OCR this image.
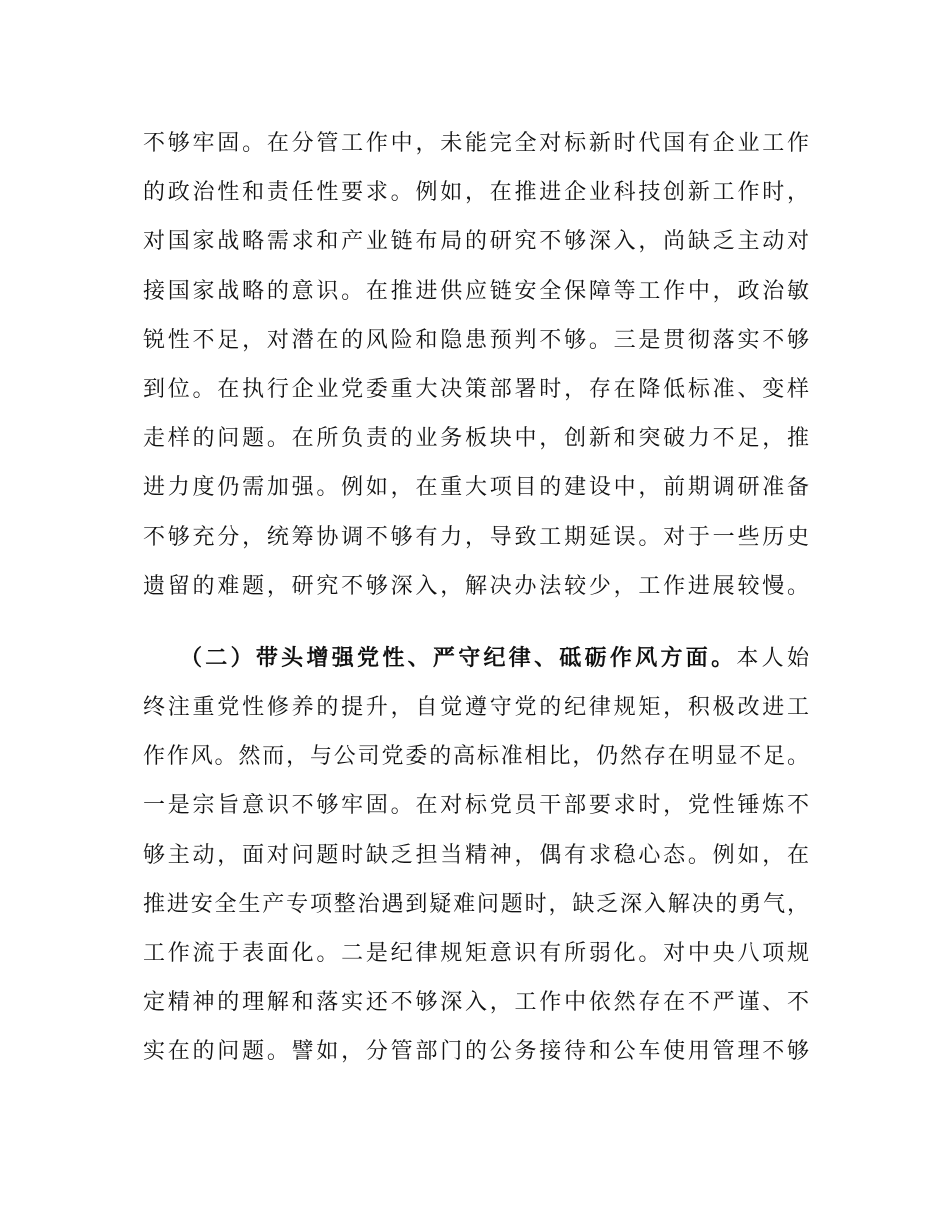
不够牢固。在分管工作中，未能完全对标新时代国有企业工作
的政治性和责任性要求。例如，在推进企业科技创新工作时，
对国家战略需求和产业链布局的研究不够深入，尚缺乏主动对
接国家战略的意识。在推进供应链安全保障等工作中，政治敏
锐性不足，对潜在的风险和隐患预判不够。三是贯彻落实不够
到位。在执行企业党委重大决策部署时，存在降低标准、变样
走样的问题。在所负责的业务板块中，创新和突破力不足，推
进力度仍需加强。例如，在重大项目的建设中，前期调研准备
不够充分，统筹协调不够有力，导致工期延误。对于一些历史
遗留的难题，研究不够深入，解决办法较少，工作进展较慢。
（二）带头增强党性、严守纪律、砥砺作风方面。本人始
终注重党性修养的提升，自觉遵守党的纪律规矩，积极改进工
作作风。然而，与公司党委的高标准相比，仍然存在明显不足。
一是宗旨意识不够牢固。在对标党员干部要求时，党性锤炼不
够主动，面对问题时缺乏担当精神，偶有求稳心态。例如，在
推进安全生产专项整治遇到疑难问题时，缺乏深入解决的勇气，
工作流于表面化。二是纪律规矩意识有所弱化。对中央八项规
定精神的理解和落实还不够深入，工作中依然存在不严谨、不
实在的问题。譬如，分管部门的公务接待和公车使用管理不够
